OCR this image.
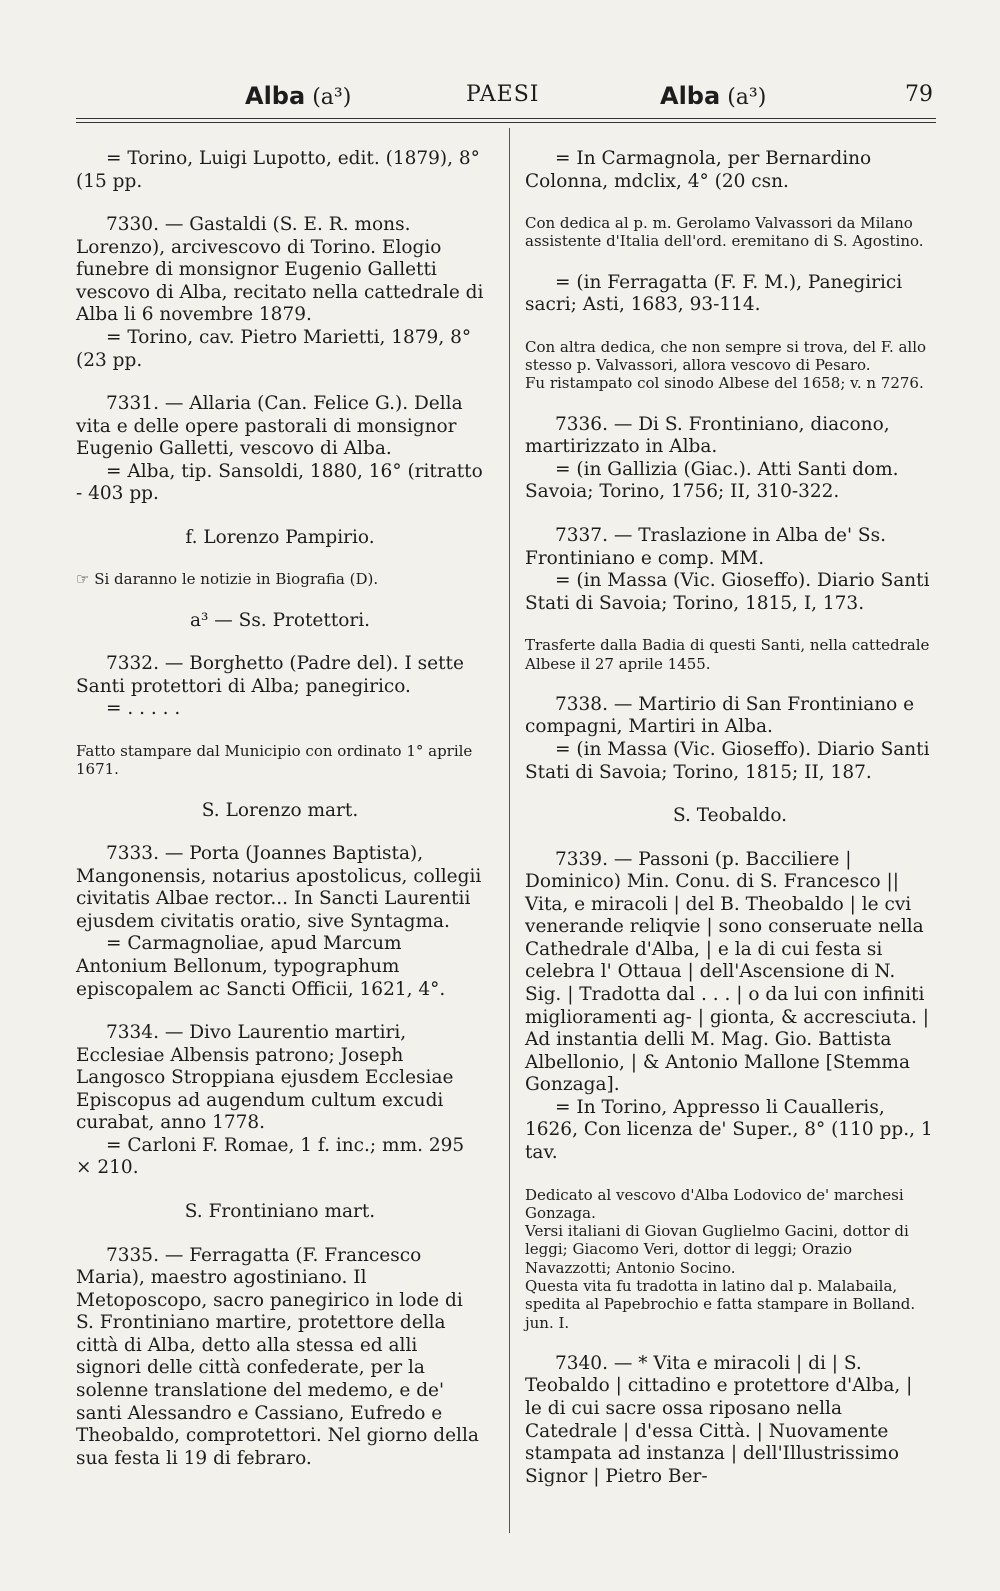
Alba (a³)	PAESI	Alba (a³)	79

= Torino, Luigi Lupotto, edit. (1879), 8° (15 pp.

7330. — Gastaldi (S. E. R. mons. Lorenzo), arcivescovo di Torino. Elogio funebre di monsignor Eugenio Galletti vescovo di Alba, recitato nella cattedrale di Alba li 6 novembre 1879.

= Torino, cav. Pietro Marietti, 1879, 8° (23 pp.

7331. — Allaria (Can. Felice G.). Della vita e delle opere pastorali di monsignor Eugenio Galletti, vescovo di Alba.

= Alba, tip. Sansoldi, 1880, 16° (ritratto - 403 pp.

f. Lorenzo Pampirio.

☞ Si daranno le notizie in Biografia (D).

a³ — Ss. Protettori.

7332. — Borghetto (Padre del). I sette Santi protettori di Alba; panegirico.

= . . . . .

Fatto stampare dal Municipio con ordinato 1° aprile 1671.

S. Lorenzo mart.

7333. — Porta (Joannes Baptista), Mangonensis, notarius apostolicus, collegii civitatis Albae rector... In Sancti Laurentii ejusdem civitatis oratio, sive Syntagma.

= Carmagnoliae, apud Marcum Antonium Bellonum, typographum episcopalem ac Sancti Officii, 1621, 4°.

7334. — Divo Laurentio martiri, Ecclesiae Albensis patrono; Joseph Langosco Stroppiana ejusdem Ecclesiae Episcopus ad augendum cultum excudi curabat, anno 1778.

= Carloni F. Romae, 1 f. inc.; mm. 295 × 210.

S. Frontiniano mart.

7335. — Ferragatta (F. Francesco Maria), maestro agostiniano. Il Metoposcopo, sacro panegirico in lode di S. Frontiniano martire, protettore della città di Alba, detto alla stessa ed alli signori delle città confederate, per la solenne translatione del medemo, e de' santi Alessandro e Cassiano, Eufredo e Theobaldo, comprotettori. Nel giorno della sua festa li 19 di febraro.

= In Carmagnola, per Bernardino Colonna, mdclix, 4° (20 csn.

Con dedica al p. m. Gerolamo Valvassori da Milano assistente d'Italia dell'ord. eremitano di S. Agostino.

= (in Ferragatta (F. F. M.), Panegirici sacri; Asti, 1683, 93-114.

Con altra dedica, che non sempre si trova, del F. allo stesso p. Valvassori, allora vescovo di Pesaro.
Fu ristampato col sinodo Albese del 1658; v. n 7276.

7336. — Di S. Frontiniano, diacono, martirizzato in Alba.

= (in Gallizia (Giac.). Atti Santi dom. Savoia; Torino, 1756; II, 310-322.

7337. — Traslazione in Alba de' Ss. Frontiniano e comp. MM.

= (in Massa (Vic. Gioseffo). Diario Santi Stati di Savoia; Torino, 1815, I, 173.

Trasferte dalla Badia di questi Santi, nella cattedrale Albese il 27 aprile 1455.

7338. — Martirio di San Frontiniano e compagni, Martiri in Alba.

= (in Massa (Vic. Gioseffo). Diario Santi Stati di Savoia; Torino, 1815; II, 187.

S. Teobaldo.

7339. — Passoni (p. Bacciliere | Dominico) Min. Conu. di S. Francesco || Vita, e miracoli | del B. Theobaldo | le cvi venerande reliqvie | sono conseruate nella Cathedrale d'Alba, | e la di cui festa si celebra l' Ottaua | dell'Ascensione di N. Sig. | Tradotta dal . . . | o da lui con infiniti miglioramenti ag- | gionta, & accresciuta. | Ad instantia delli M. Mag. Gio. Battista Albellonio, | & Antonio Mallone [Stemma Gonzaga].

= In Torino, Appresso li Caualleris, 1626, Con licenza de' Super., 8° (110 pp., 1 tav.

Dedicato al vescovo d'Alba Lodovico de' marchesi Gonzaga.
Versi italiani di Giovan Guglielmo Gacini, dottor di leggi; Giacomo Veri, dottor di leggi; Orazio Navazzotti; Antonio Socino.
Questa vita fu tradotta in latino dal p. Malabaila, spedita al Papebrochio e fatta stampare in Bolland. jun. I.

7340. — * Vita e miracoli | di | S. Teobaldo | cittadino e protettore d'Alba, | le di cui sacre ossa riposano nella Catedrale | d'essa Città. | Nuovamente stampata ad instanza | dell'Illustrissimo Signor | Pietro Ber-
